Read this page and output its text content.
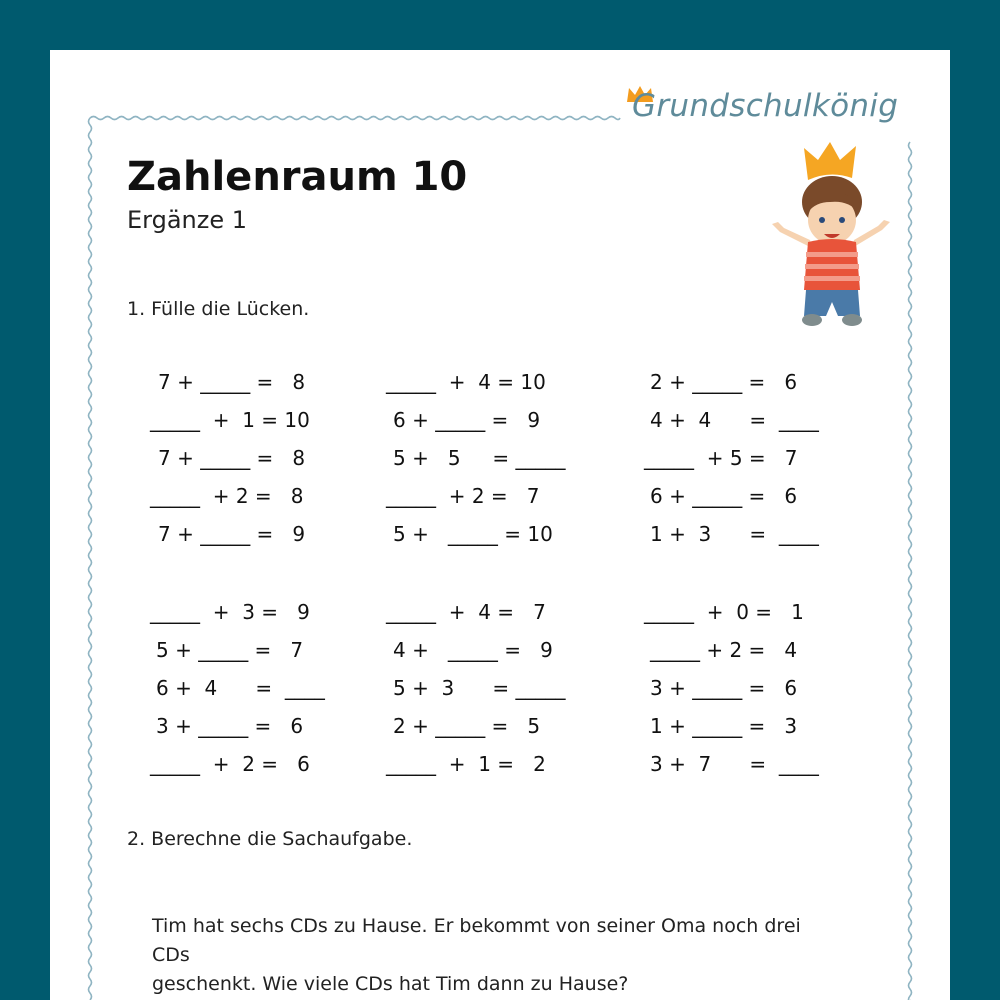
Grundschulkönig
Zahlenraum 10
Ergänze 1
1. Fülle die Lücken.
7 + _____ =   8
_____  +  1 = 10
7 + _____ =   8
_____  + 2 =   8
7 + _____ =   9
_____  +  4 = 10
6 + _____ =   9
5 +   5     = _____
_____  + 2 =   7
5 +   _____ = 10
2 + _____ =   6
4 +  4      =  ____
_____  + 5 =   7
6 + _____ =   6
1 +  3      =  ____
_____  +  3 =   9
5 + _____ =   7
6 +  4      =  ____
3 + _____ =   6
_____  +  2 =   6
_____  +  4 =   7
4 +   _____ =   9
5 +  3      = _____
2 + _____ =   5
_____  +  1 =   2
_____  +  0 =   1
_____ + 2 =   4
3 + _____ =   6
1 + _____ =   3
3 +  7      =  ____
2. Berechne die Sachaufgabe.
Tim hat sechs CDs zu Hause. Er bekommt von seiner Oma noch drei CDs
geschenkt. Wie viele CDs hat Tim dann zu Hause?
